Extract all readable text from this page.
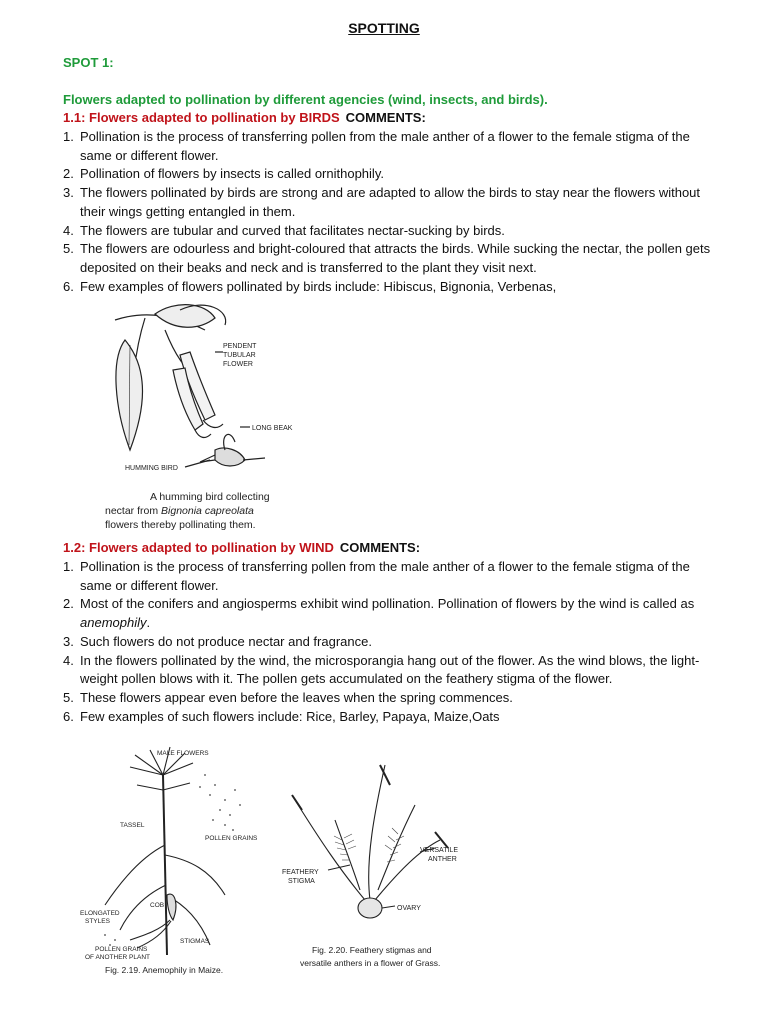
SPOTTING
SPOT 1:
Flowers adapted to pollination by different agencies (wind, insects, and birds).
1.1: Flowers adapted to pollination by BIRDS COMMENTS:
1. Pollination is the process of transferring pollen from the male anther of a flower to the female stigma of the same or different flower.
2. Pollination of flowers by insects is called ornithophily.
3. The flowers pollinated by birds are strong and are adapted to allow the birds to stay near the flowers without their wings getting entangled in them.
4. The flowers are tubular and curved that facilitates nectar-sucking by birds.
5. The flowers are odourless and bright-coloured that attracts the birds. While sucking the nectar, the pollen gets deposited on their beaks and neck and is transferred to the plant they visit next.
6. Few examples of flowers pollinated by birds include: Hibiscus, Bignonia, Verbenas,
PENDENT
TUBULAR
FLOWER
LONG BEAK
HUMMING BIRD
A humming bird collecting
nectar from Bignonia capreolata
flowers thereby pollinating them.
1.2: Flowers adapted to pollination by WIND COMMENTS:
1. Pollination is the process of transferring pollen from the male anther of a flower to the female stigma of the same or different flower.
2. Most of the conifers and angiosperms exhibit wind pollination. Pollination of flowers by the wind is called as anemophily.
3. Such flowers do not produce nectar and fragrance.
4. In the flowers pollinated by the wind, the microsporangia hang out of the flower. As the wind blows, the light-weight pollen blows with it. The pollen gets accumulated on the feathery stigma of the flower.
5. These flowers appear even before the leaves when the spring commences.
6. Few examples of such flowers include: Rice, Barley, Papaya, Maize,Oats
MALE FLOWERS
TASSEL
POLLEN GRAINS
COB
ELONGATED
STYLES
STIGMAS
POLLEN GRAINS
OF ANOTHER PLANT
Fig. 2.19. Anemophily in Maize.
VERSATILE
ANTHER
FEATHERY
STIGMA
OVARY
Fig. 2.20. Feathery stigmas and
versatile anthers in a flower of Grass.
